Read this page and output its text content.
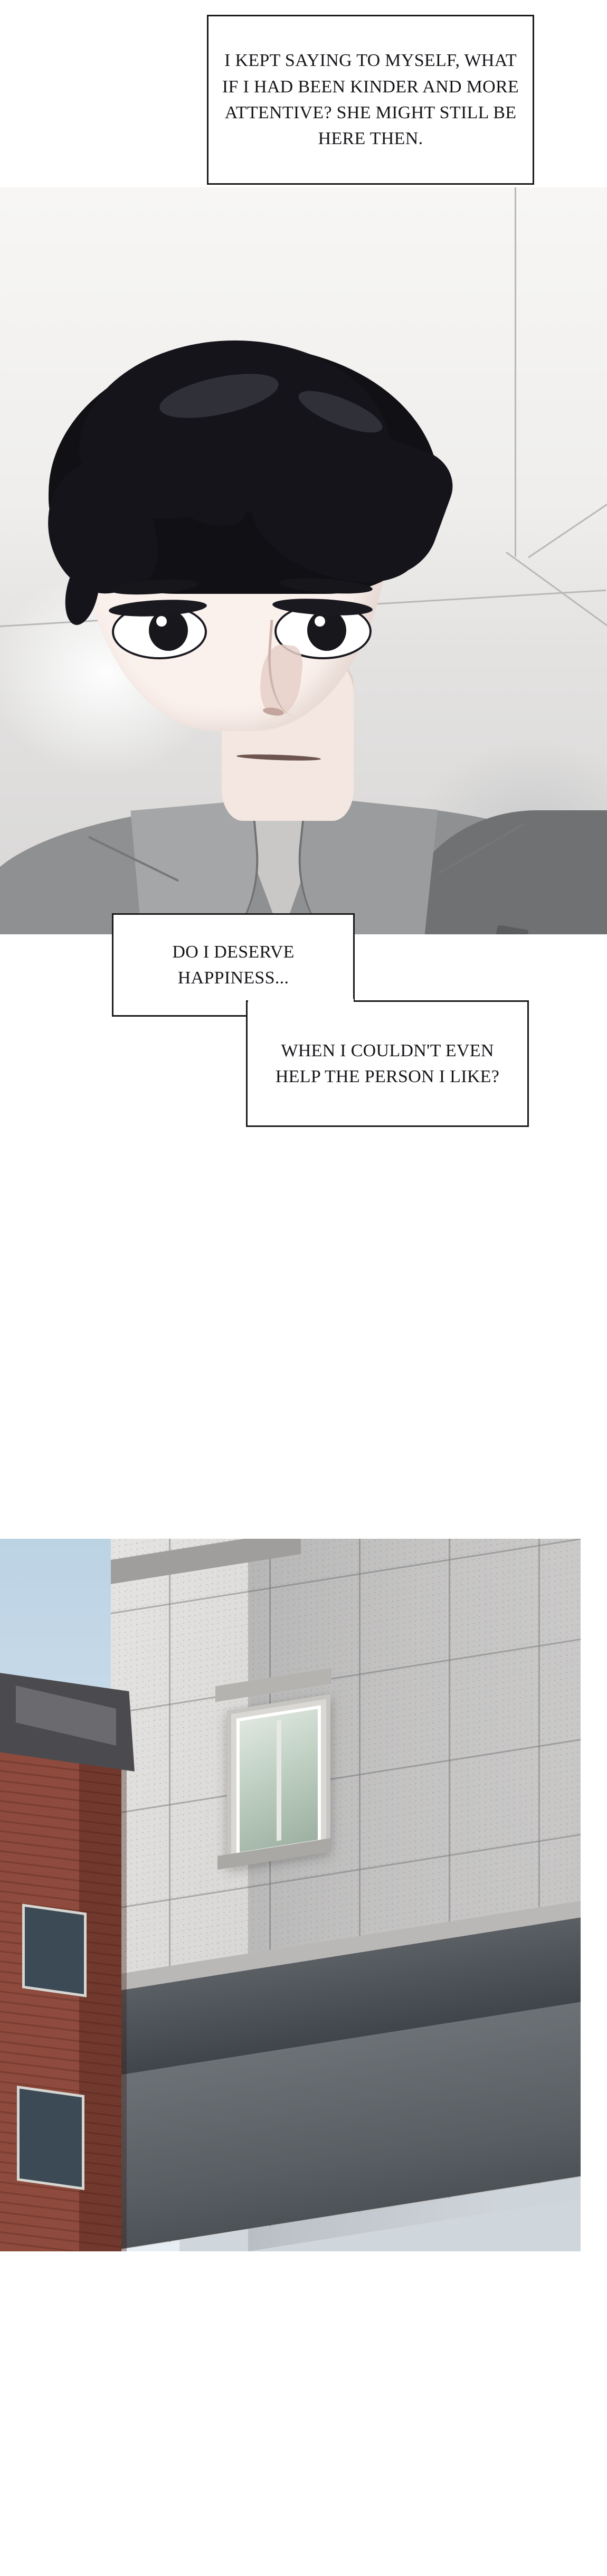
I KEPT SAYING TO MYSELF, WHAT IF I HAD BEEN KINDER AND MORE ATTENTIVE? SHE MIGHT STILL BE HERE THEN.

DO I DESERVE HAPPINESS...

WHEN I COULDN'T EVEN HELP THE PERSON I LIKE?
